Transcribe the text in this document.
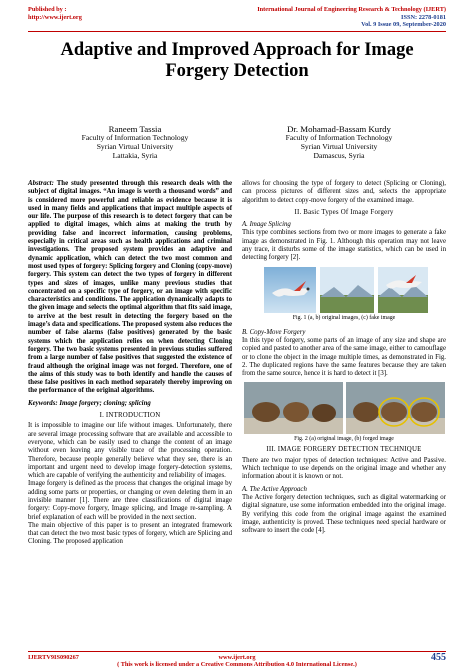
Published by :
http://www.ijert.org
International Journal of Engineering Research & Technology (IJERT)
ISSN: 2278-0181
Vol. 9 Issue 09, September-2020
Adaptive and Improved Approach for Image Forgery Detection
Raneem Tassia
Faculty of Information Technology
Syrian Virtual University
Lattakia, Syria
Dr. Mohamad-Bassam Kurdy
Faculty of Information Technology
Syrian Virtual University
Damascus, Syria

Abstract: The study presented through this research deals with the subject of digital images. “An image is worth a thousand words” and is considered more powerful and reliable as evidence because it is used in many fields and applications that impact multiple aspects of our life. The purpose of this research is to detect forgery that can be applied to digital images, which aims at making the truth by providing false and incorrect information, causing problems, especially in critical areas such as health applications and criminal investigations. The proposed system provides an adaptive and dynamic application, which can detect the two most common and most used types of forgery: Splicing forgery and Cloning (copy-move) forgery. This system can detect the two types of forgery in different types and sizes of images, unlike many previous studies that concentrated on a specific type of forgery, or an image with specific characteristics and conditions. The application dynamically adapts to the given image and selects the optimal algorithm that fits said image, to arrive at the best result in detecting the forgery based on the image’s data and specifications. The proposed system also reduces the number of false alarms (false positives) generated by the basic systems which the application relies on when detecting Cloning forgery. The two basic systems presented in previous studies suffered from a large number of false positives that suggested the existence of fraud although the original image was not forged. Therefore, one of the aims of this study was to both identify and handle the causes of these false positives in each method separately thereby improving on the performance of the original algorithms.

Keywords: Image forgery; cloning; splicing

I. INTRODUCTION

It is impossible to imagine our life without images. Unfortunately, there are several image processing software that are available and accessible to everyone, which can be easily used to change the content of an image without even leaving any visible trace of the processing operation. Therefore, because people generally believe what they see, there is an important and urgent need to develop image forgery-detection systems, which are capable of verifying the authenticity and reliability of images.

Image forgery is defined as the process that changes the original image by adding some parts or properties, or changing or even deleting them in an invisible manner [1]. There are three classifications of digital image forgery: Copy-move forgery, Image splicing, and Image re-sampling. A brief explanation of each will be provided in the next section.

The main objective of this paper is to present an integrated framework that can detect the two most basic types of forgery, which are Splicing and Cloning. The proposed application

allows for choosing the type of forgery to detect (Splicing or Cloning), can process pictures of different sizes and, selects the appropriate algorithm to detect copy-move forgery of the examined image.

II. Basic Types Of Image Forgery

A. Image Splicing

This type combines sections from two or more images to generate a fake image as demonstrated in Fig. 1. Although this operation may not leave any trace, it disturbs some of the image statistics, which can be used in detecting forgery [2].

Fig. 1 (a, b) original images, (c) fake image

B. Copy-Move Forgery

In this type of forgery, some parts of an image of any size and shape are copied and pasted to another area of the same image, either to camouflage or to clone the object in the image multiple times, as demonstrated in Fig. 2. The duplicated regions have the same features because they are taken from the same source, hence it is hard to detect it [3].

Fig. 2 (a) original image, (b) forged image

III. IMAGE FORGERY DETECTION TECHNIQUE

There are two major types of detection techniques: Active and Passive. Which technique to use depends on the original image and whether any information about it is known or not.

A. The Active Approach

The Active forgery detection techniques, such as digital watermarking or digital signature, use some information embedded into the original image. By verifying this code from the original image against the examined image, authenticity is proved. These techniques need special hardware or software to insert the code [4].

IJERTV9IS090267	www.ijert.org
( This work is licensed under a Creative Commons Attribution 4.0 International License.)
455
